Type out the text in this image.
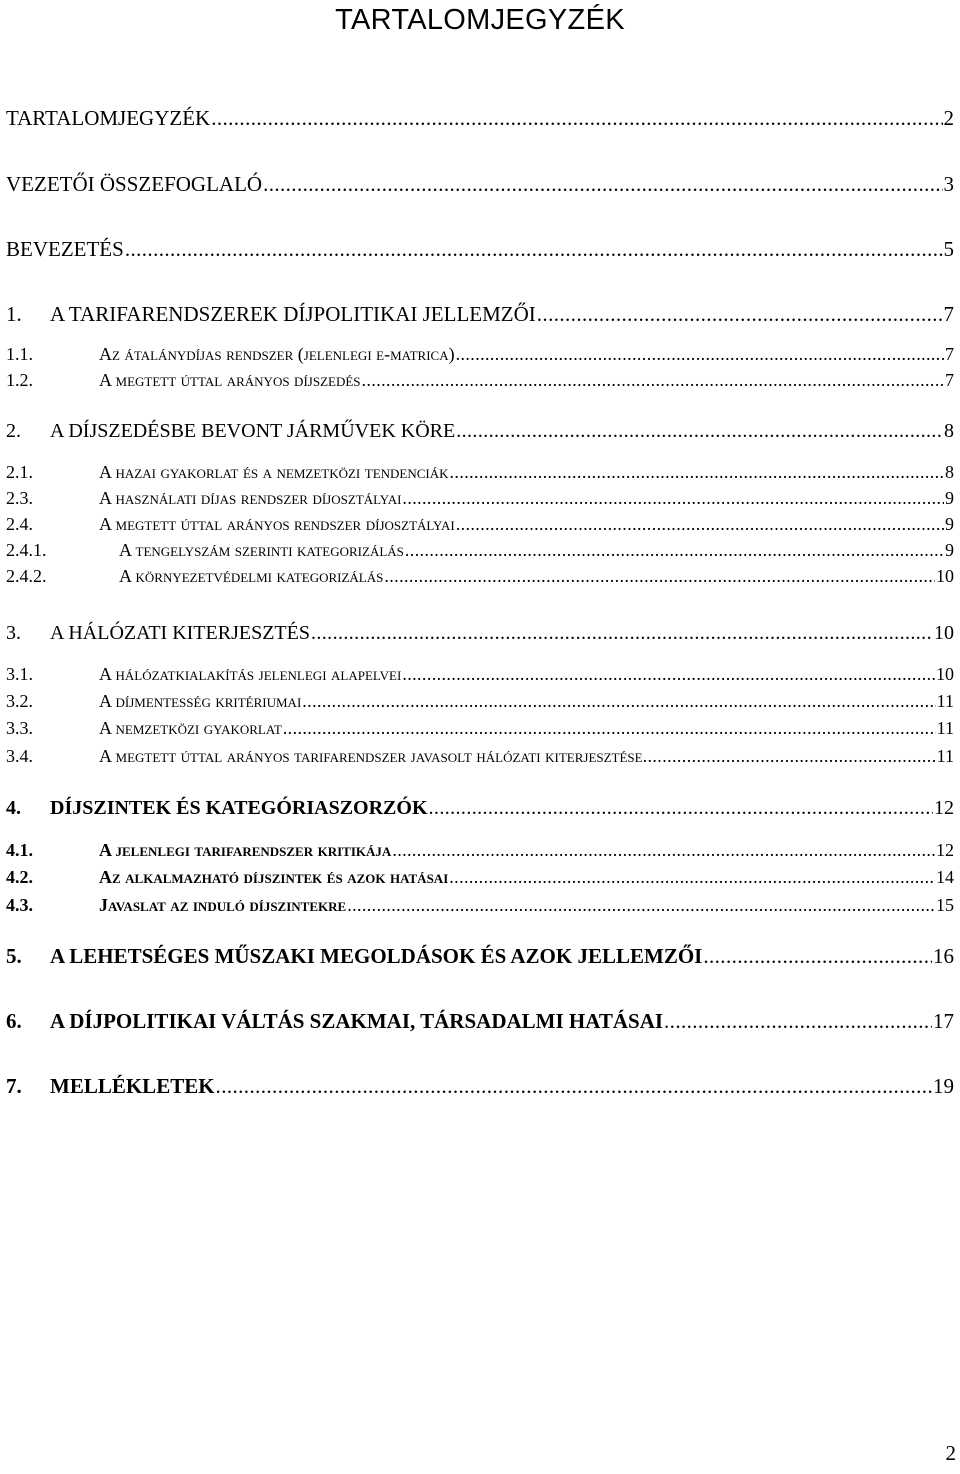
TARTALOMJEGYZÉK
TARTALOMJEGYZÉK .....	2
VEZETŐI ÖSSZEFOGLALÓ .....	3
BEVEZETÉS .....	5
1.	A TARIFARENDSZEREK DÍJPOLITIKAI JELLEMZŐI .....	7
1.1.	Az átalánydíjas rendszer (jelenlegi e-matrica) .....	7
1.2.	A megtett úttal arányos díjszedés .....	7
2.	A DÍJSZEDÉSBE BEVONT JÁRMŰVEK KÖRE .....	8
2.1.	A hazai gyakorlat és a nemzetközi tendenciák .....	8
2.3.	A használati díjas rendszer díjosztályai .....	9
2.4.	A megtett úttal arányos rendszer díjosztályai .....	9
2.4.1.	A tengelyszám szerinti kategorizálás .....	9
2.4.2.	A környezetvédelmi kategorizálás .....	10
3.	A HÁLÓZATI KITERJESZTÉS .....	10
3.1.	A hálózatkialakítás jelenlegi alapelvei .....	10
3.2.	A díjmentesség kritériumai .....	11
3.3.	A nemzetközi gyakorlat .....	11
3.4.	A megtett úttal arányos tarifarendszer javasolt hálózati kiterjesztése .....	11
4.	DÍJSZINTEK ÉS KATEGÓRIASZORZÓK .....	12
4.1.	A jelenlegi tarifarendszer kritikája .....	12
4.2.	Az alkalmazható díjszintek és azok hatásai .....	14
4.3.	Javaslat az induló díjszintekre .....	15
5.	A LEHETSÉGES MŰSZAKI MEGOLDÁSOK ÉS AZOK JELLEMZŐI .....	16
6.	A DÍJPOLITIKAI VÁLTÁS SZAKMAI, TÁRSADALMI HATÁSAI .....	17
7.	MELLÉKLETEK .....	19
2
